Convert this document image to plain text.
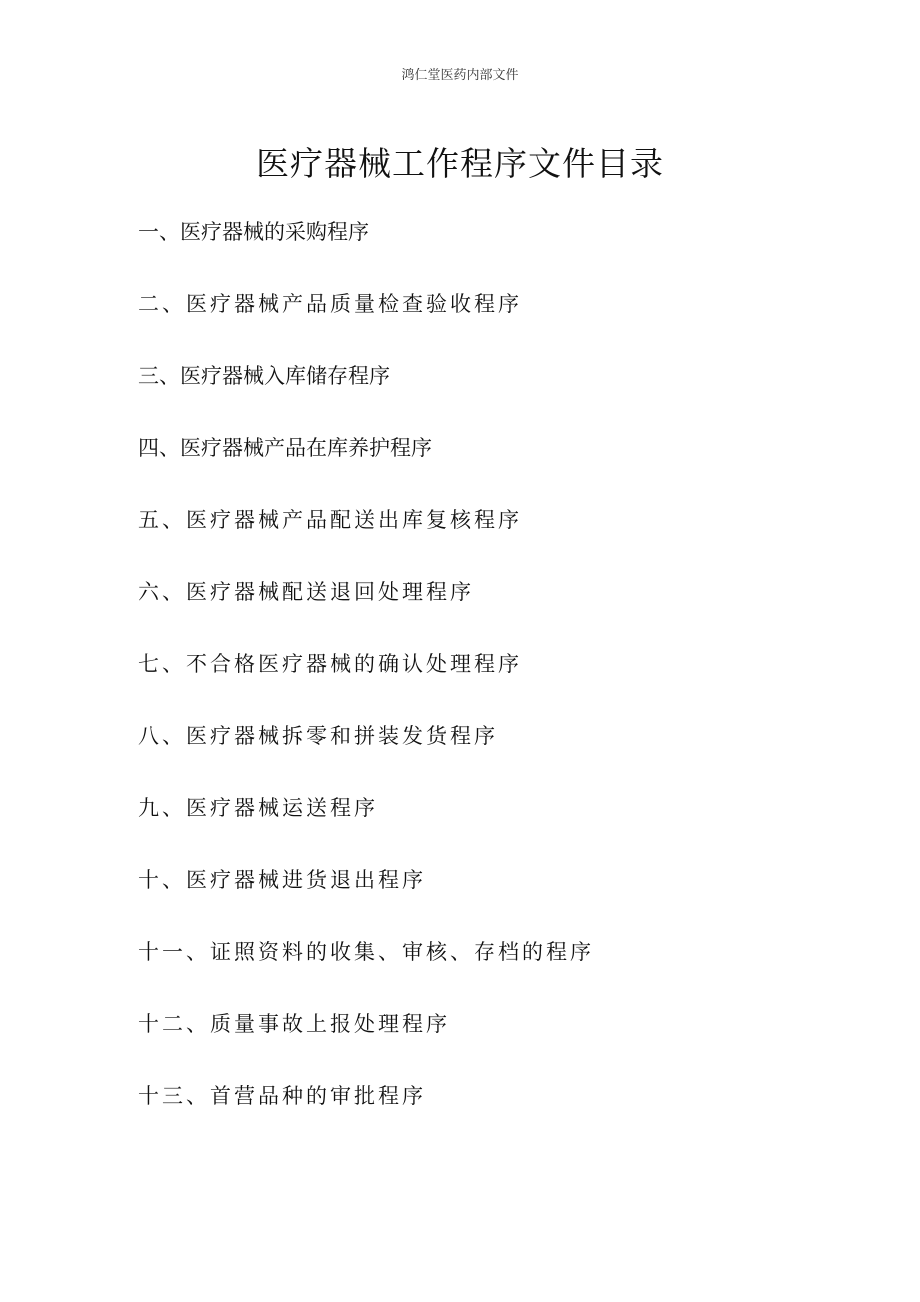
鸿仁堂医药内部文件
医疗器械工作程序文件目录
一、医疗器械的采购程序
二、医疗器械产品质量检查验收程序
三、医疗器械入库储存程序
四、医疗器械产品在库养护程序
五、医疗器械产品配送出库复核程序
六、医疗器械配送退回处理程序
七、不合格医疗器械的确认处理程序
八、医疗器械拆零和拼装发货程序
九、医疗器械运送程序
十、医疗器械进货退出程序
十一、证照资料的收集、审核、存档的程序
十二、质量事故上报处理程序
十三、首营品种的审批程序
